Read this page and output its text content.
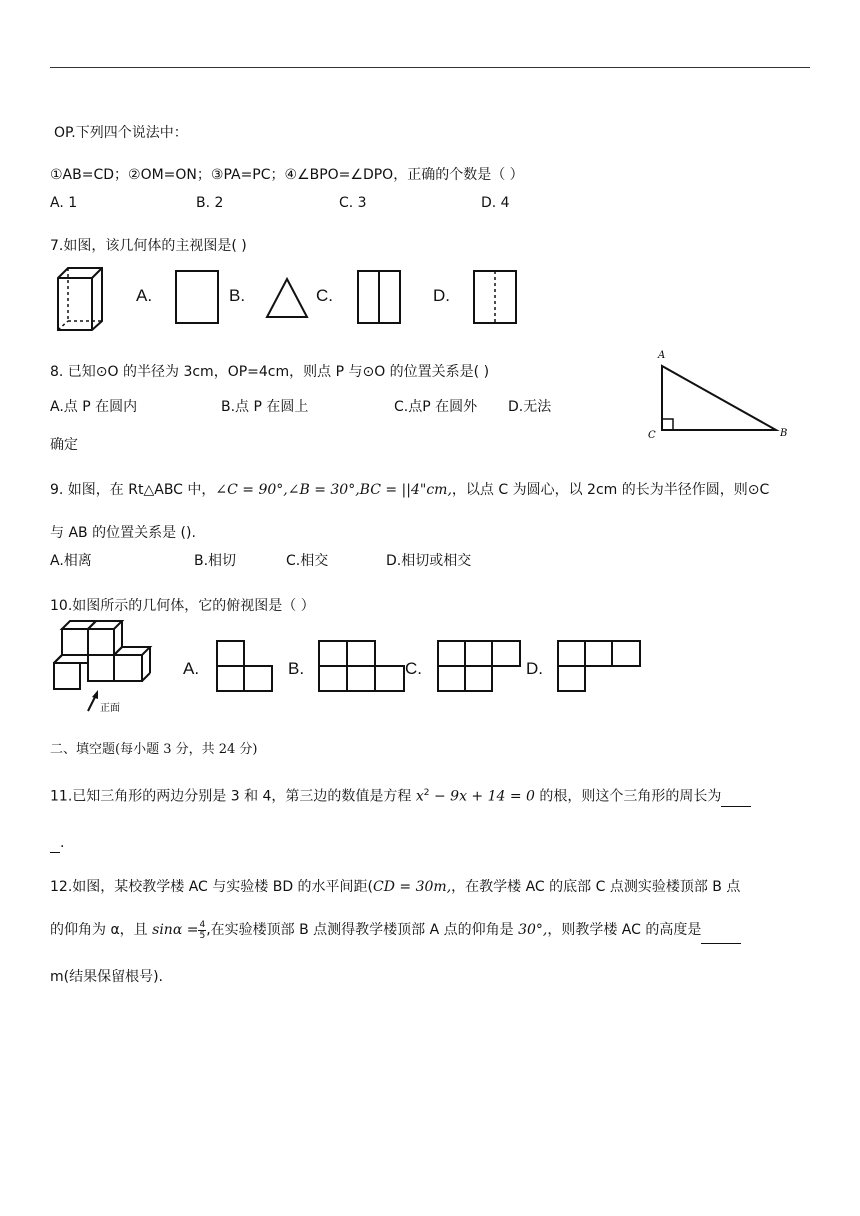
OP.下列四个说法中：
①AB=CD；②OM=ON；③PA=PC；④∠BPO=∠DPO，正确的个数是（ ）
A. 1	B. 2	C. 3	D. 4
7.如图，该几何体的主视图是( )
A.	B.	C.	D.
8. 已知⊙O 的半径为 3cm，OP=4cm，则点 P 与⊙O 的位置关系是( )
A.点 P 在圆内	B.点 P 在圆上	C.点P 在圆外 D.无法
确定
A
C	B
9. 如图，在 Rt△ABC 中，∠C = 90°,∠B = 30°,BC = ||4"cm,，以点 C 为圆心，以 2cm 的长为半径作圆，则⊙C
与 AB 的位置关系是 ().
A.相离	B.相切	C.相交	D.相切或相交
10.如图所示的几何体，它的俯视图是（ ）
正面
A.	B.	C.	D.
二、填空题(每小题 3 分，共 24 分)
11.已知三角形的两边分别是 3 和 4，第三边的数值是方程 $x^2 - 9x + 14 = 0$ 的根，则这个三角形的周长为
.
12.如图，某校教学楼 AC 与实验楼 BD 的水平间距(CD = 30m,，在教学楼 AC 的底部 C 点测实验楼顶部 B 点
的仰角为 α，且 $\sin\alpha = \frac{4}{5}$ ,在实验楼顶部 B 点测得教学楼顶部 A 点的仰角是 30°,，则教学楼 AC 的高度是
m(结果保留根号).
